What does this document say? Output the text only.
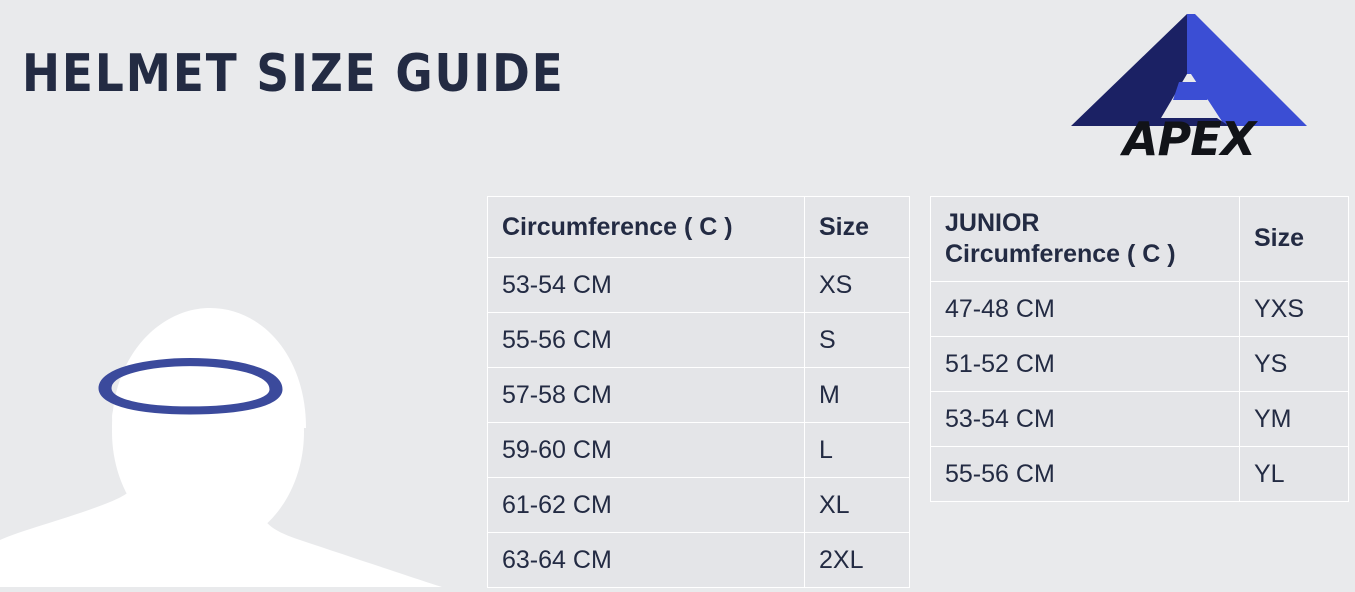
HELMET SIZE GUIDE
APEX
Circumference ( C )	Size
53-54 CM	XS
55-56 CM	S
57-58 CM	M
59-60 CM	L
61-62 CM	XL
63-64 CM	2XL
JUNIOR
Circumference ( C )	Size
47-48 CM	YXS
51-52 CM	YS
53-54 CM	YM
55-56 CM	YL
